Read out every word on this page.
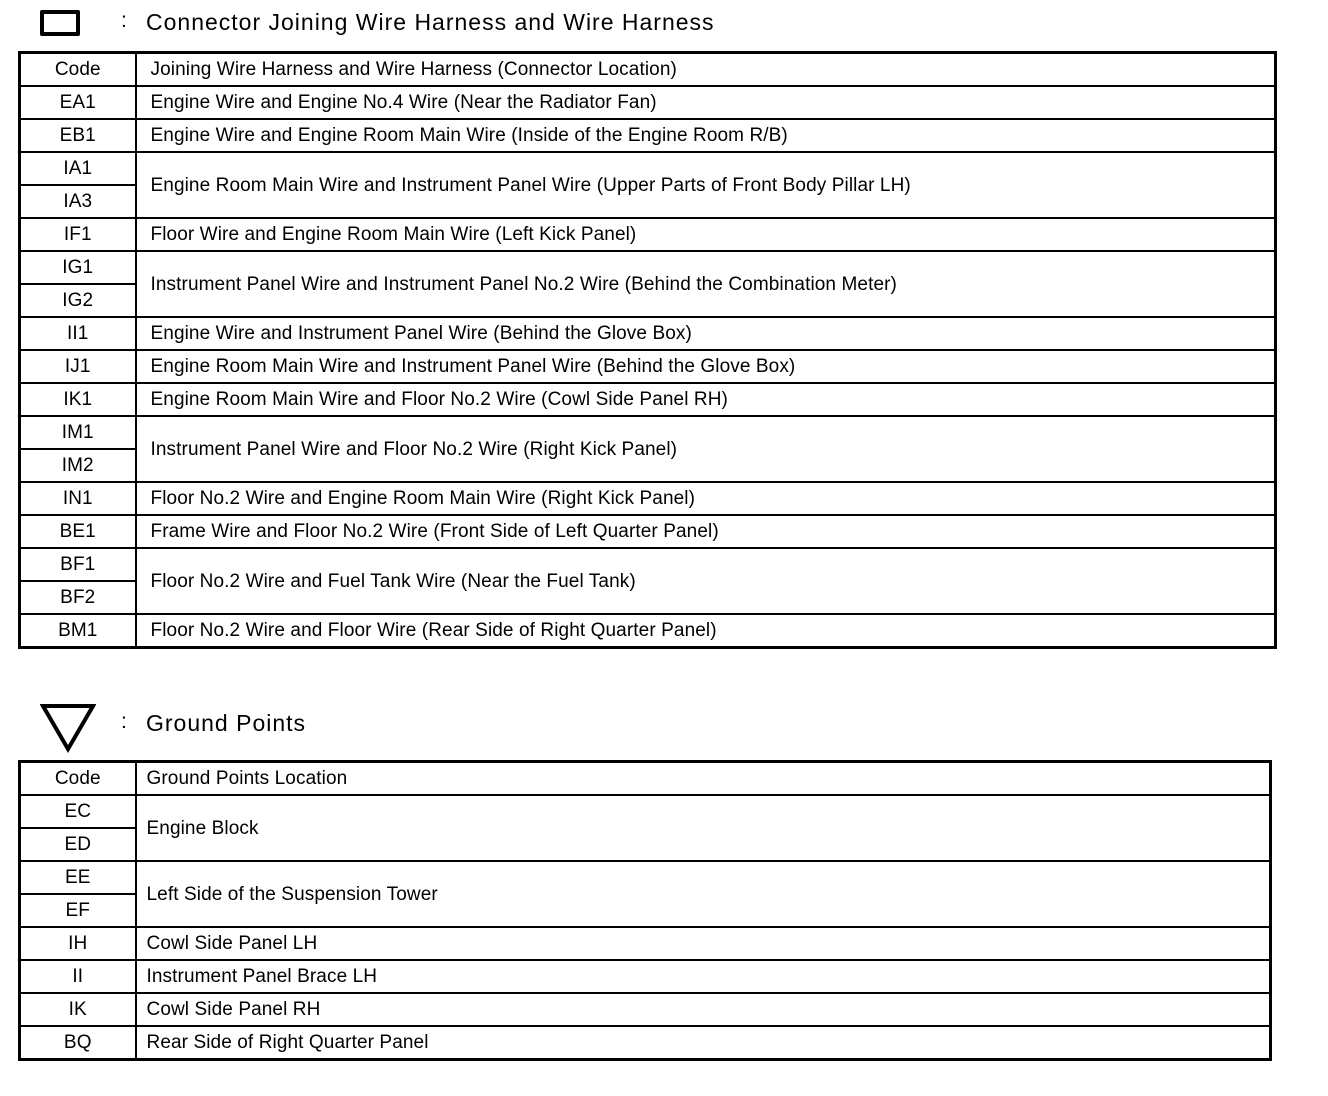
: Connector Joining Wire Harness and Wire Harness
Code	Joining Wire Harness and Wire Harness (Connector Location)
EA1	Engine Wire and Engine No.4 Wire (Near the Radiator Fan)
EB1	Engine Wire and Engine Room Main Wire (Inside of the Engine Room R/B)
IA1	Engine Room Main Wire and Instrument Panel Wire (Upper Parts of Front Body Pillar LH)
IA3	
IF1	Floor Wire and Engine Room Main Wire (Left Kick Panel)
IG1	Instrument Panel Wire and Instrument Panel No.2 Wire (Behind the Combination Meter)
IG2	
II1	Engine Wire and Instrument Panel Wire (Behind the Glove Box)
IJ1	Engine Room Main Wire and Instrument Panel Wire (Behind the Glove Box)
IK1	Engine Room Main Wire and Floor No.2 Wire (Cowl Side Panel RH)
IM1	Instrument Panel Wire and Floor No.2 Wire (Right Kick Panel)
IM2	
IN1	Floor No.2 Wire and Engine Room Main Wire (Right Kick Panel)
BE1	Frame Wire and Floor No.2 Wire (Front Side of Left Quarter Panel)
BF1	Floor No.2 Wire and Fuel Tank Wire (Near the Fuel Tank)
BF2	
BM1	Floor No.2 Wire and Floor Wire (Rear Side of Right Quarter Panel)
: Ground Points
Code	Ground Points Location
EC	Engine Block
ED	
EE	Left Side of the Suspension Tower
EF	
IH	Cowl Side Panel LH
II	Instrument Panel Brace LH
IK	Cowl Side Panel RH
BQ	Rear Side of Right Quarter Panel
